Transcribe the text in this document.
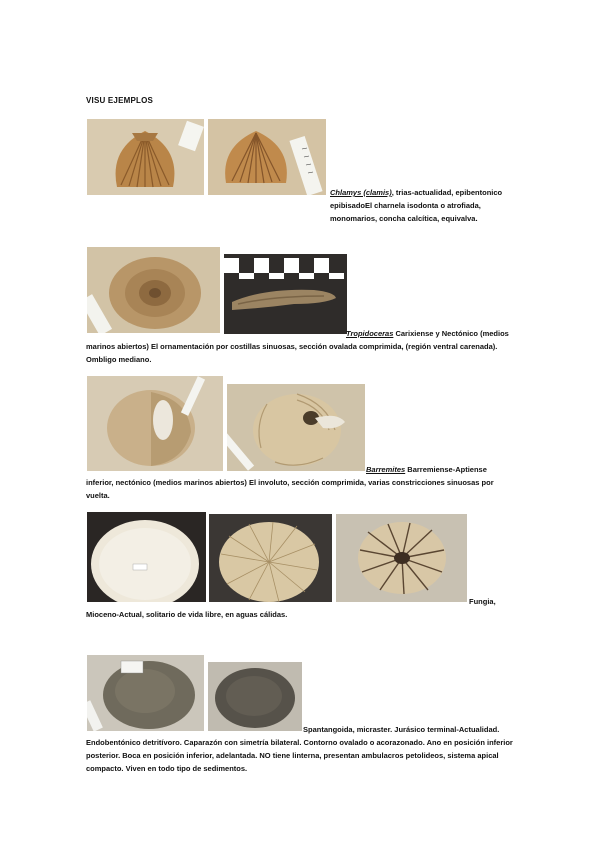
VISU EJEMPLOS
Chlamys (clamis), trias-actualidad, epibentonico epibisadoEl charnela isodonta o atrofiada, monomarios, concha calcítica, equivalva.
Tropidoceras Carixiense y Nectónico (medios marinos abiertos) El ornamentación por costillas sinuosas, sección ovalada comprimida, (región ventral carenada). Ombligo mediano.
Barremites Barremiense-Aptiense inferior, nectónico (medios marinos abiertos) El involuto, sección comprimida, varias constricciones sinuosas por vuelta.
Fungia, Mioceno-Actual, solitario de vida libre, en aguas cálidas.
Spantangoida, micraster. Jurásico terminal-Actualidad. Endobentónico detritívoro. Caparazón con simetría bilateral. Contorno ovalado o acorazonado. Ano en posición inferior posterior. Boca en posición inferior, adelantada. NO tiene linterna, presentan ambulacros petolideos, sistema apical compacto. Viven en todo tipo de sedimentos.
